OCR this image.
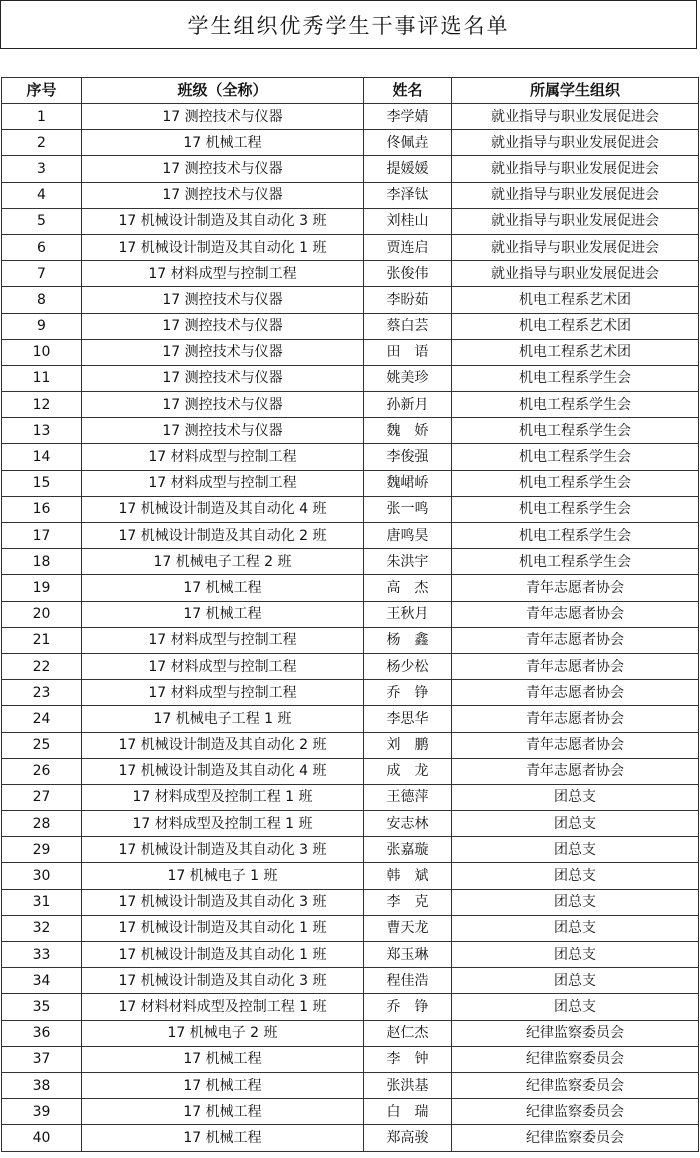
学生组织优秀学生干事评选名单
序号	班级（全称）	姓名	所属学生组织
1	17 测控技术与仪器	李学婧	就业指导与职业发展促进会
2	17 机械工程	佟佩垚	就业指导与职业发展促进会
3	17 测控技术与仪器	提媛媛	就业指导与职业发展促进会
4	17 测控技术与仪器	李泽钛	就业指导与职业发展促进会
5	17 机械设计制造及其自动化 3 班	刘桂山	就业指导与职业发展促进会
6	17 机械设计制造及其自动化 1 班	贾连启	就业指导与职业发展促进会
7	17 材料成型与控制工程	张俊伟	就业指导与职业发展促进会
8	17 测控技术与仪器	李盼茹	机电工程系艺术团
9	17 测控技术与仪器	蔡白芸	机电工程系艺术团
10	17 测控技术与仪器	田　语	机电工程系艺术团
11	17 测控技术与仪器	姚美珍	机电工程系学生会
12	17 测控技术与仪器	孙新月	机电工程系学生会
13	17 测控技术与仪器	魏　娇	机电工程系学生会
14	17 材料成型与控制工程	李俊强	机电工程系学生会
15	17 材料成型与控制工程	魏峮峤	机电工程系学生会
16	17 机械设计制造及其自动化 4 班	张一鸣	机电工程系学生会
17	17 机械设计制造及其自动化 2 班	唐鸣昊	机电工程系学生会
18	17 机械电子工程 2 班	朱洪宇	机电工程系学生会
19	17 机械工程	高　杰	青年志愿者协会
20	17 机械工程	王秋月	青年志愿者协会
21	17 材料成型与控制工程	杨　鑫	青年志愿者协会
22	17 材料成型与控制工程	杨少松	青年志愿者协会
23	17 材料成型与控制工程	乔　铮	青年志愿者协会
24	17 机械电子工程 1 班	李思华	青年志愿者协会
25	17 机械设计制造及其自动化 2 班	刘　鹏	青年志愿者协会
26	17 机械设计制造及其自动化 4 班	成　龙	青年志愿者协会
27	17 材料成型及控制工程 1 班	王德萍	团总支
28	17 材料成型及控制工程 1 班	安志林	团总支
29	17 机械设计制造及其自动化 3 班	张嘉璇	团总支
30	17 机械电子 1 班	韩　斌	团总支
31	17 机械设计制造及其自动化 3 班	李　克	团总支
32	17 机械设计制造及其自动化 1 班	曹天龙	团总支
33	17 机械设计制造及其自动化 1 班	郑玉琳	团总支
34	17 机械设计制造及其自动化 3 班	程佳浩	团总支
35	17 材料材料成型及控制工程 1 班	乔　铮	团总支
36	17 机械电子 2 班	赵仁杰	纪律监察委员会
37	17 机械工程	李　钟	纪律监察委员会
38	17 机械工程	张洪基	纪律监察委员会
39	17 机械工程	白　瑞	纪律监察委员会
40	17 机械工程	郑高骏	纪律监察委员会
